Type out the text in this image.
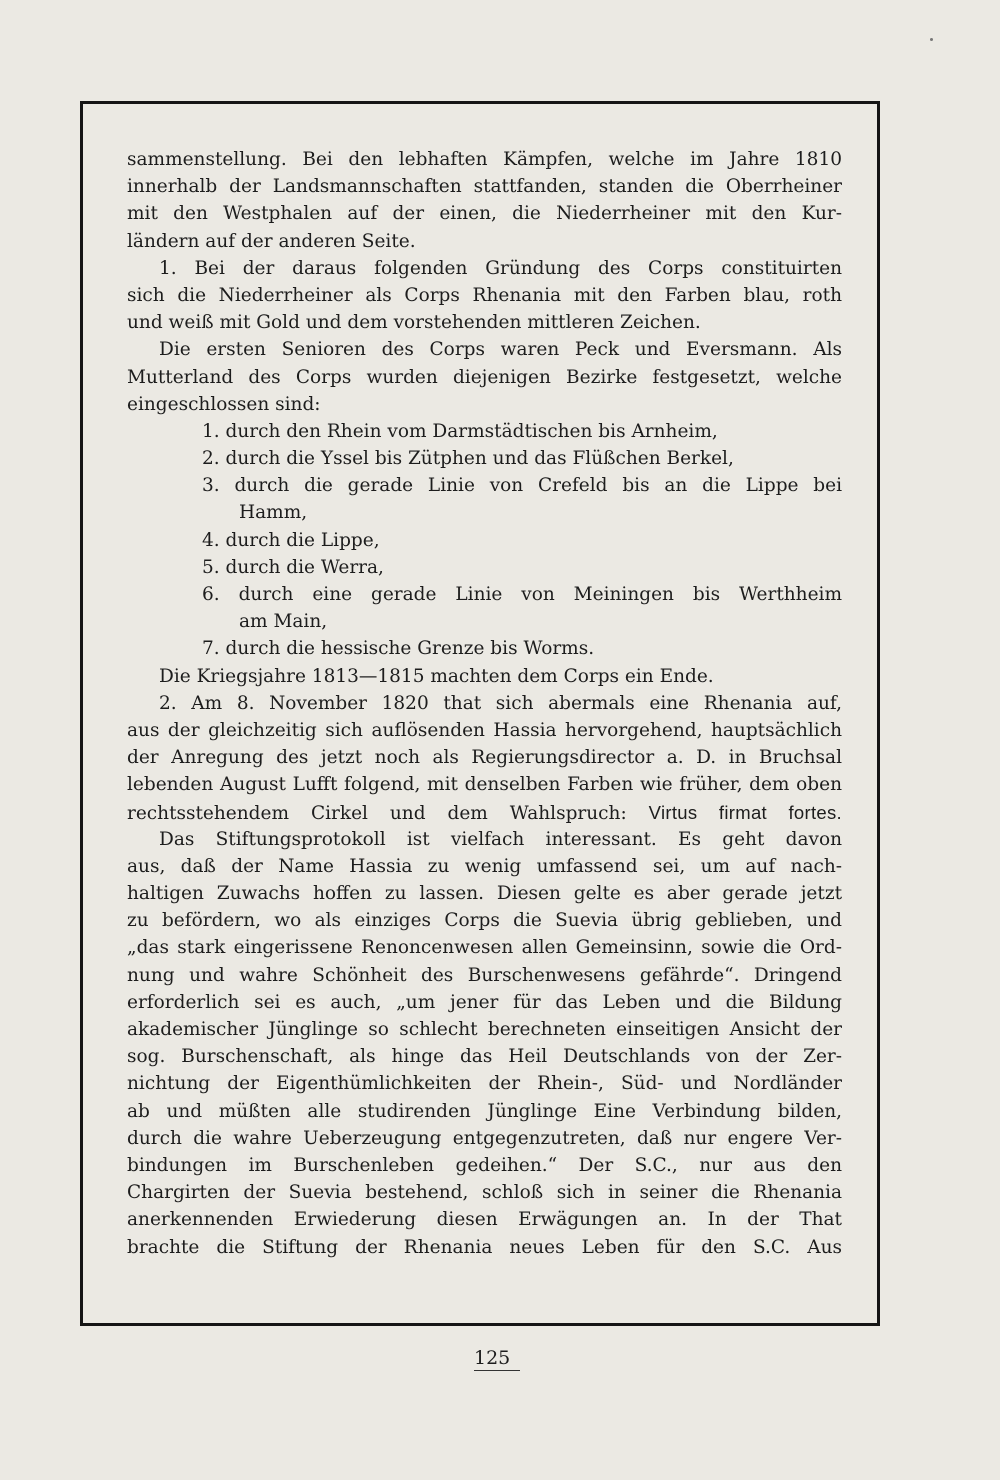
sammenstellung. Bei den lebhaften Kämpfen, welche im Jahre 1810
innerhalb der Landsmannschaften stattfanden, standen die Oberrheiner
mit den Westphalen auf der einen, die Niederrheiner mit den Kur-
ländern auf der anderen Seite.
1. Bei der daraus folgenden Gründung des Corps constituirten
sich die Niederrheiner als Corps Rhenania mit den Farben blau, roth
und weiß mit Gold und dem vorstehenden mittleren Zeichen.
Die ersten Senioren des Corps waren Peck und Eversmann. Als
Mutterland des Corps wurden diejenigen Bezirke festgesetzt, welche
eingeschlossen sind:
1. durch den Rhein vom Darmstädtischen bis Arnheim,
2. durch die Yssel bis Zütphen und das Flüßchen Berkel,
3. durch die gerade Linie von Crefeld bis an die Lippe bei
Hamm,
4. durch die Lippe,
5. durch die Werra,
6. durch eine gerade Linie von Meiningen bis Werthheim
am Main,
7. durch die hessische Grenze bis Worms.
Die Kriegsjahre 1813—1815 machten dem Corps ein Ende.
2. Am 8. November 1820 that sich abermals eine Rhenania auf,
aus der gleichzeitig sich auflösenden Hassia hervorgehend, hauptsächlich
der Anregung des jetzt noch als Regierungsdirector a. D. in Bruchsal
lebenden August Lufft folgend, mit denselben Farben wie früher, dem oben
rechtsstehendem Cirkel und dem Wahlspruch: Virtus firmat fortes.
Das Stiftungsprotokoll ist vielfach interessant. Es geht davon
aus, daß der Name Hassia zu wenig umfassend sei, um auf nach-
haltigen Zuwachs hoffen zu lassen. Diesen gelte es aber gerade jetzt
zu befördern, wo als einziges Corps die Suevia übrig geblieben, und
„das stark eingerissene Renoncenwesen allen Gemeinsinn, sowie die Ord-
nung und wahre Schönheit des Burschenwesens gefährde“. Dringend
erforderlich sei es auch, „um jener für das Leben und die Bildung
akademischer Jünglinge so schlecht berechneten einseitigen Ansicht der
sog. Burschenschaft, als hinge das Heil Deutschlands von der Zer-
nichtung der Eigenthümlichkeiten der Rhein-, Süd- und Nordländer
ab und müßten alle studirenden Jünglinge Eine Verbindung bilden,
durch die wahre Ueberzeugung entgegenzutreten, daß nur engere Ver-
bindungen im Burschenleben gedeihen.“ Der S.C., nur aus den
Chargirten der Suevia bestehend, schloß sich in seiner die Rhenania
anerkennenden Erwiederung diesen Erwägungen an. In der That
brachte die Stiftung der Rhenania neues Leben für den S.C. Aus
125
